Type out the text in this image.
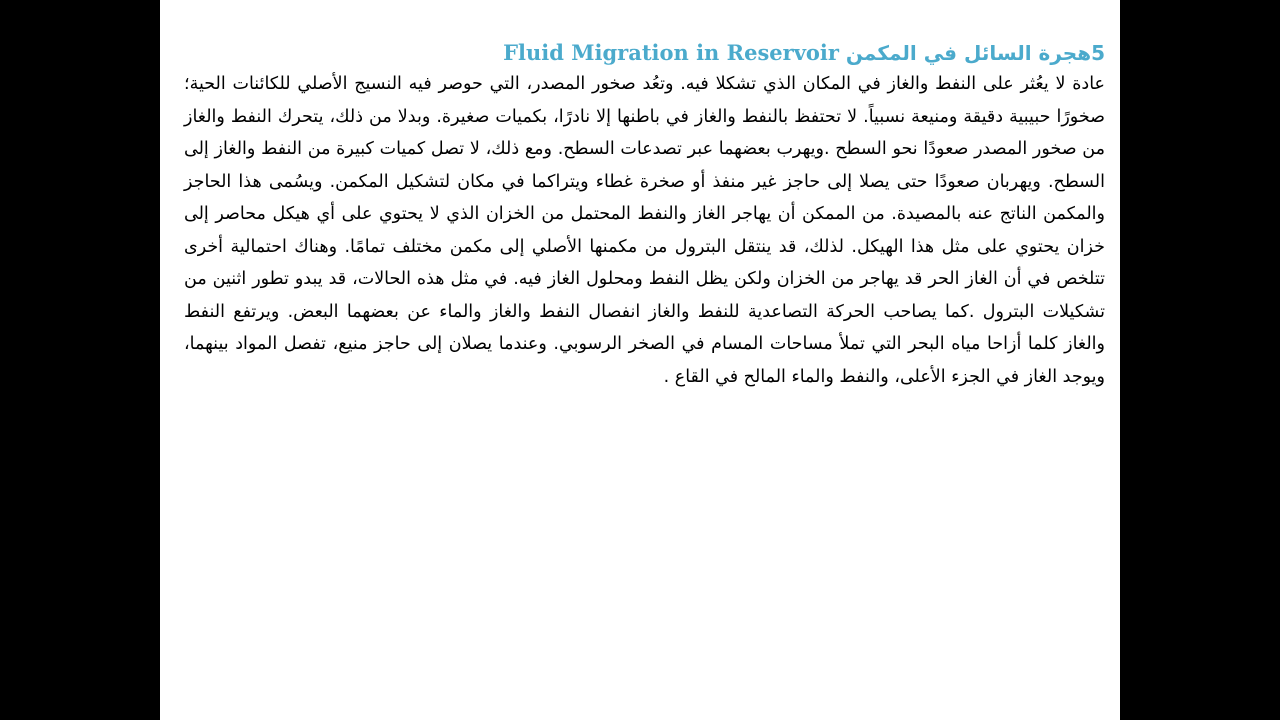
5هجرة السائل في المكمن Fluid Migration in Reservoir

عادة لا يعُثر على النفط والغاز في المكان الذي تشكلا فيه. وتعُد صخور المصدر، التي حوصر فيه النسيج الأصلي للكائنات الحية؛ صخورًا حبيبية دقيقة ومنيعة نسبياً. لا تحتفظ بالنفط والغاز في باطنها إلا نادرًا، بكميات صغيرة. وبدلا من ذلك، يتحرك النفط والغاز من صخور المصدر صعودًا نحو السطح .ويهرب بعضهما عبر تصدعات السطح. ومع ذلك، لا تصل كميات كبيرة من النفط والغاز إلى السطح. ويهربان صعودًا حتى يصلا إلى حاجز غير منفذ أو صخرة غطاء ويتراكما في مكان لتشكيل المكمن. ويسُمى هذا الحاجز والمكمن الناتج عنه بالمصيدة. من الممكن أن يهاجر الغاز والنفط المحتمل من الخزان الذي لا يحتوي على أي هيكل محاصر إلى خزان يحتوي على مثل هذا الهيكل. لذلك، قد ينتقل البترول من مكمنها الأصلي إلى مكمن مختلف تمامًا. وهناك احتمالية أخرى تتلخص في أن الغاز الحر قد يهاجر من الخزان ولكن يظل النفط ومحلول الغاز فيه. في مثل هذه الحالات، قد يبدو تطور اثنين من تشكيلات البترول .كما يصاحب الحركة التصاعدية للنفط والغاز انفصال النفط والغاز والماء عن بعضهما البعض. ويرتفع النفط والغاز كلما أزاحا مياه البحر التي تملأ مساحات المسام في الصخر الرسوبي. وعندما يصلان إلى حاجز منيع، تفصل المواد بينهما، ويوجد الغاز في الجزء الأعلى، والنفط والماء المالح في القاع .
